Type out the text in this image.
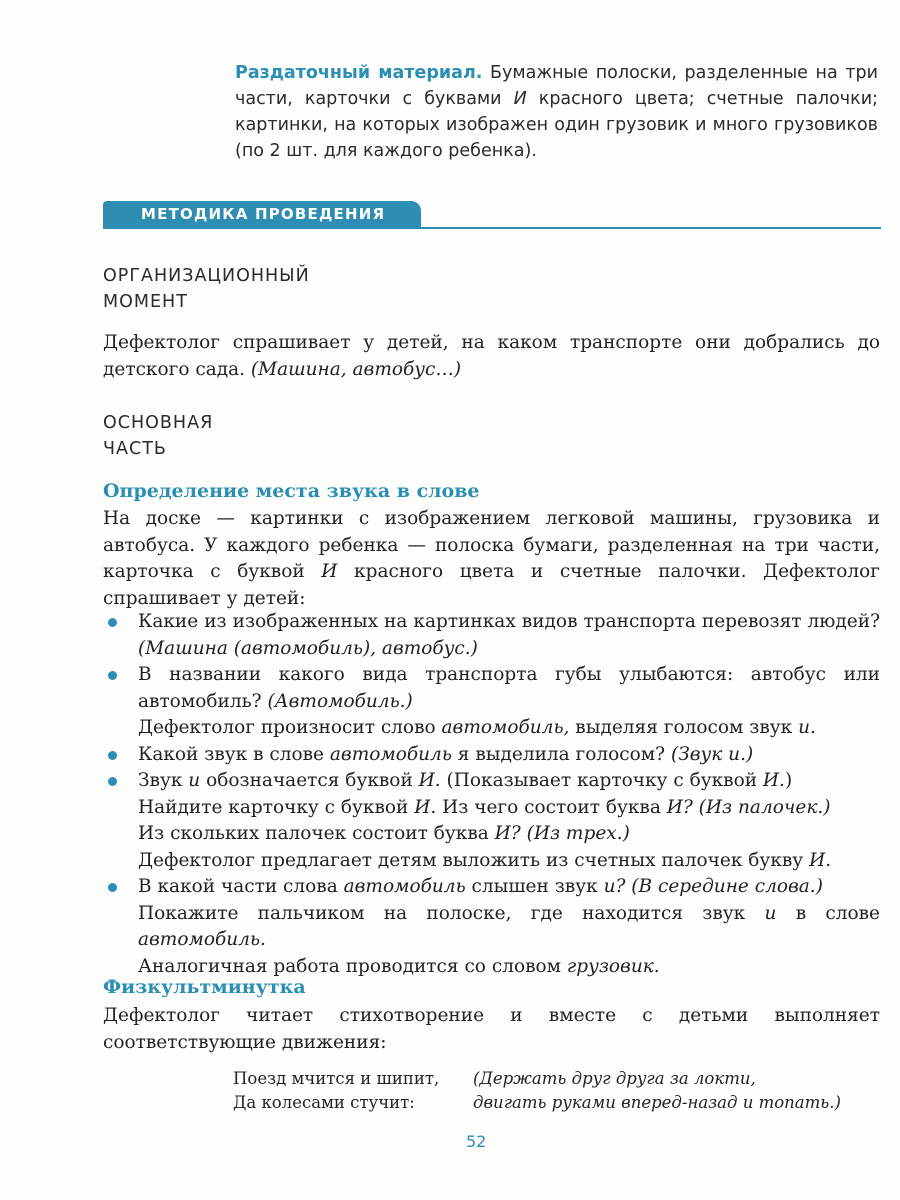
Раздаточный материал. Бумажные полоски, разделенные на три части, карточки с буквами И красного цвета; счетные палочки; картинки, на которых изображен один грузовик и много грузовиков (по 2 шт. для каждого ребенка).
МЕТОДИКА ПРОВЕДЕНИЯ
ОРГАНИЗАЦИОННЫЙ
МОМЕНТ
Дефектолог спрашивает у детей, на каком транспорте они добрались до детского сада. (Машина, автобус…)
ОСНОВНАЯ
ЧАСТЬ
Определение места звука в слове
На доске — картинки с изображением легковой машины, грузовика и автобуса. У каждого ребенка — полоска бумаги, разделенная на три части, карточка с буквой И красного цвета и счетные палочки. Дефектолог спрашивает у детей:
Какие из изображенных на картинках видов транспорта перевозят людей? (Машина (автомобиль), автобус.)
В названии какого вида транспорта губы улыбаются: автобус или автомобиль? (Автомобиль.)
Дефектолог произносит слово автомобиль, выделяя голосом звук и.
Какой звук в слове автомобиль я выделила голосом? (Звук и.)
Звук и обозначается буквой И. (Показывает карточку с буквой И.)
Найдите карточку с буквой И. Из чего состоит буква И? (Из палочек.)
Из скольких палочек состоит буква И? (Из трех.)
Дефектолог предлагает детям выложить из счетных палочек букву И.
В какой части слова автомобиль слышен звук и? (В середине слова.)
Покажите пальчиком на полоске, где находится звук и в слове автомобиль.
Аналогичная работа проводится со словом грузовик.
Физкультминутка
Дефектолог читает стихотворение и вместе с детьми выполняет соответствующие движения:
Поезд мчится и шипит,
Да колесами стучит:
(Держать друг друга за локти,
двигать руками вперед-назад и топать.)
52
